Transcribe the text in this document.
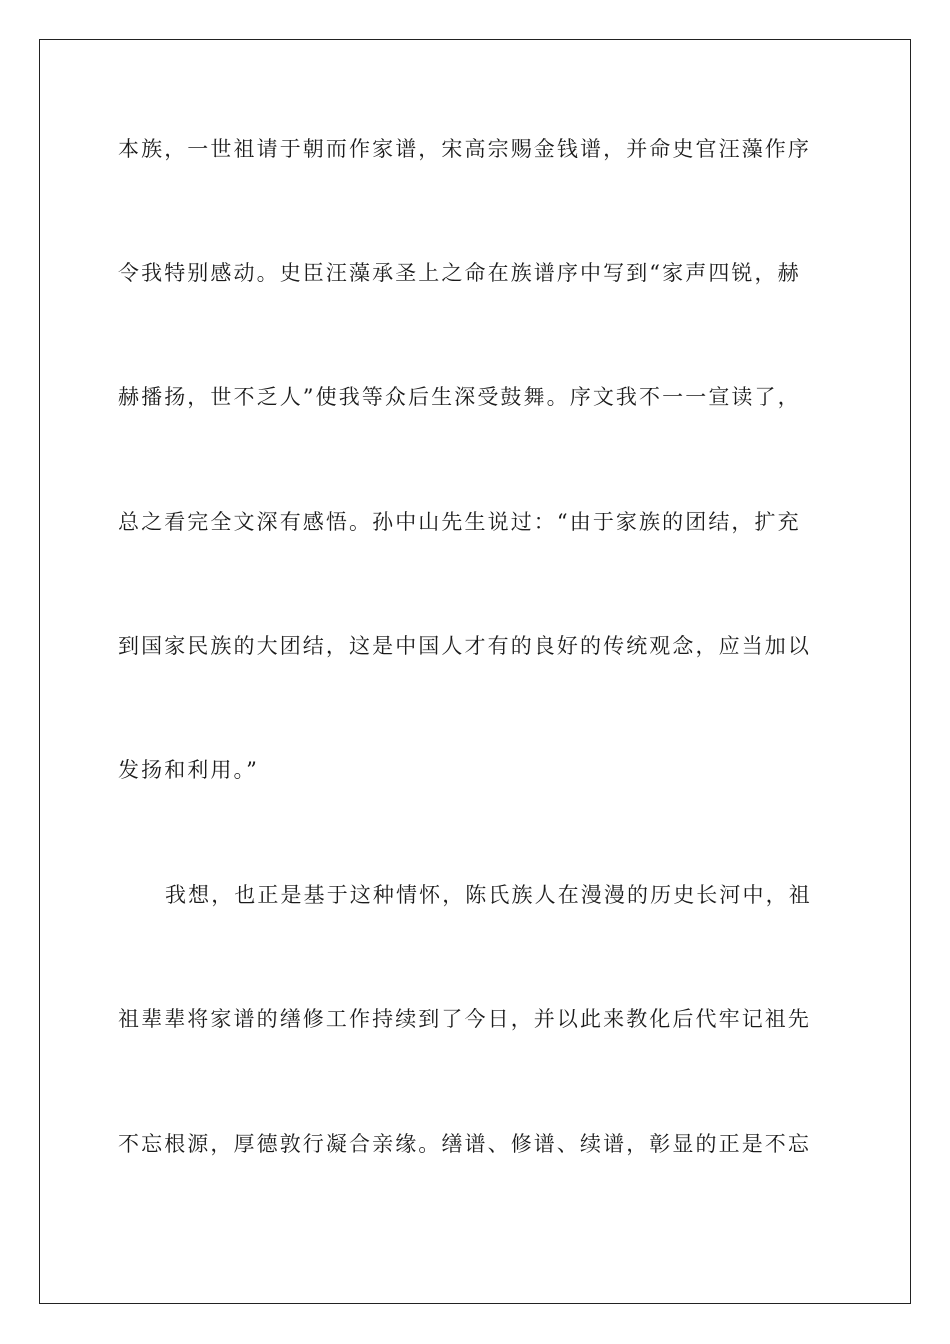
本族，一世祖请于朝而作家谱，宋高宗赐金钱谱，并命史官汪藻作序
令我特别感动。史臣汪藻承圣上之命在族谱序中写到“家声四锐，赫
赫播扬，世不乏人”使我等众后生深受鼓舞。序文我不一一宣读了，
总之看完全文深有感悟。孙中山先生说过：“由于家族的团结，扩充
到国家民族的大团结，这是中国人才有的良好的传统观念，应当加以
发扬和利用。”
我想，也正是基于这种情怀，陈氏族人在漫漫的历史长河中，祖
祖辈辈将家谱的缮修工作持续到了今日，并以此来教化后代牢记祖先
不忘根源，厚德敦行凝合亲缘。缮谱、修谱、续谱，彰显的正是不忘
